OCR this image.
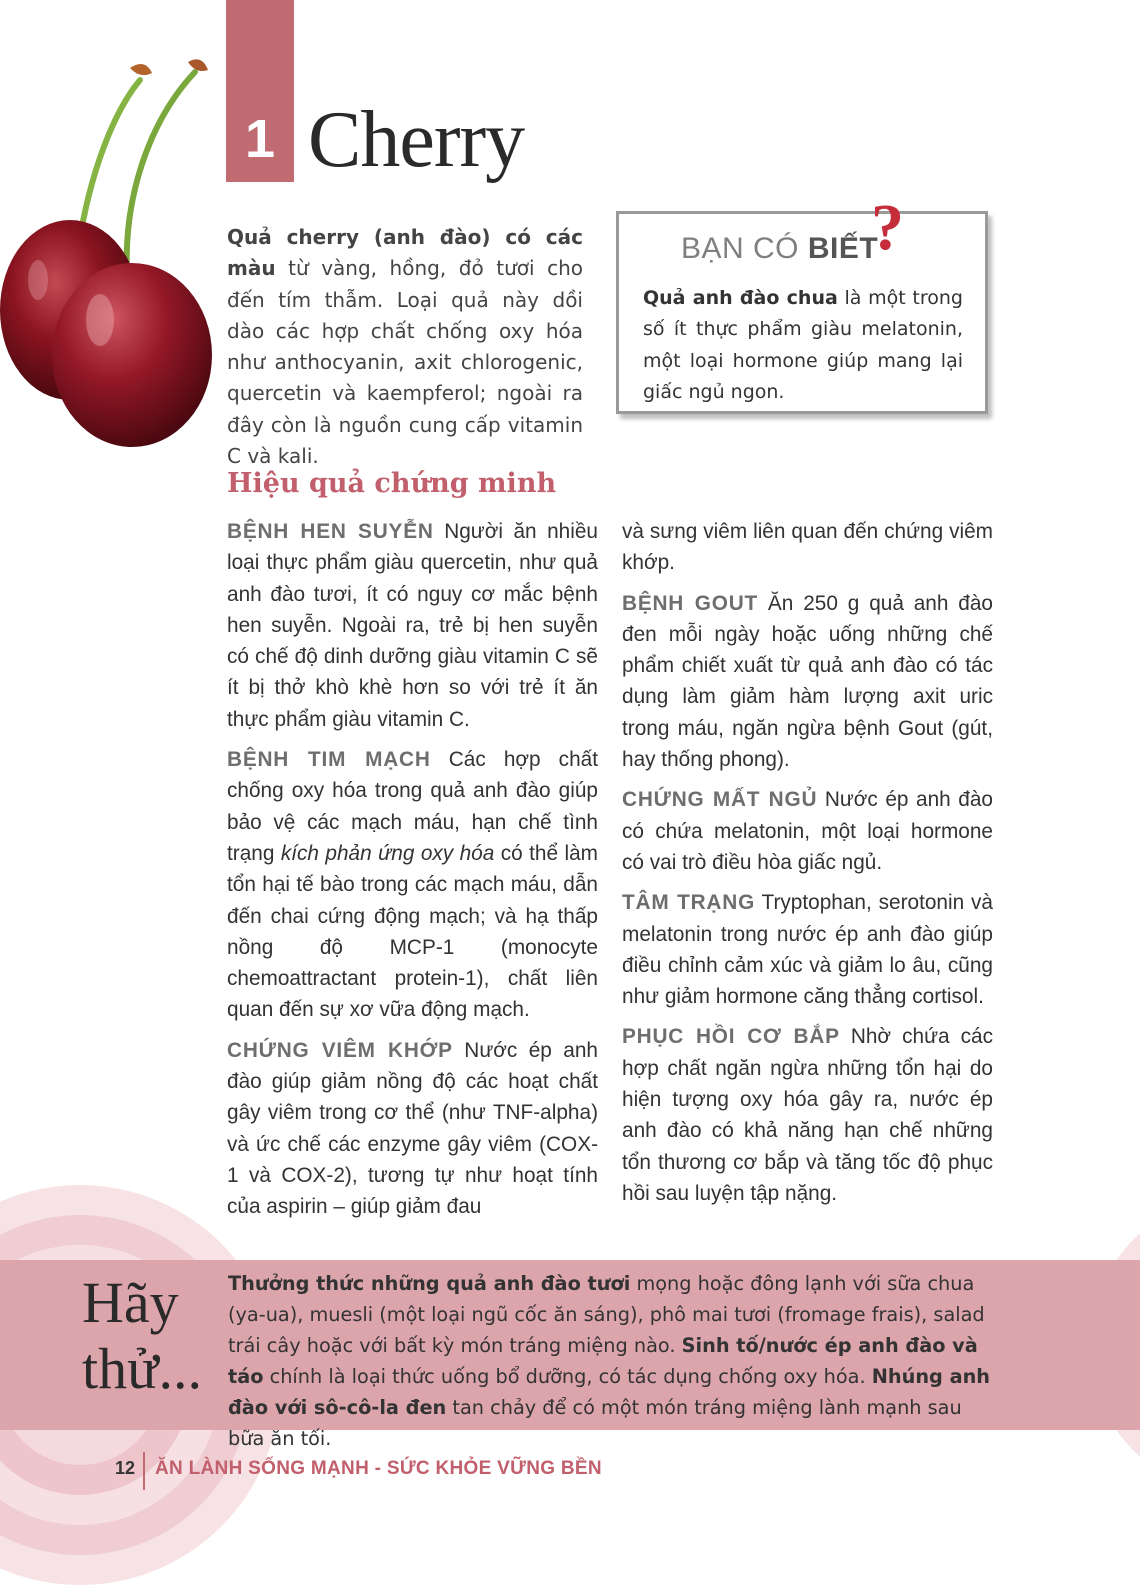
1 Cherry
Quả cherry (anh đào) có các màu từ vàng, hồng, đỏ tươi cho đến tím thẫm. Loại quả này dồi dào các hợp chất chống oxy hóa như anthocyanin, axit chlorogenic, quercetin và kaempferol; ngoài ra đây còn là nguồn cung cấp vitamin C và kali.
BẠN CÓ BIẾT
?
Quả anh đào chua là một trong số ít thực phẩm giàu melatonin, một loại hormone giúp mang lại giấc ngủ ngon.
Hiệu quả chứng minh

BỆNH HEN SUYỄN Người ăn nhiều loại thực phẩm giàu quercetin, như quả anh đào tươi, ít có nguy cơ mắc bệnh hen suyễn. Ngoài ra, trẻ bị hen suyễn có chế độ dinh dưỡng giàu vitamin C sẽ ít bị thở khò khè hơn so với trẻ ít ăn thực phẩm giàu vitamin C.

BỆNH TIM MẠCH Các hợp chất chống oxy hóa trong quả anh đào giúp bảo vệ các mạch máu, hạn chế tình trạng kích phản ứng oxy hóa có thể làm tổn hại tế bào trong các mạch máu, dẫn đến chai cứng động mạch; và hạ thấp nồng độ MCP-1 (monocyte chemoattractant protein-1), chất liên quan đến sự xơ vữa động mạch.

CHỨNG VIÊM KHỚP Nước ép anh đào giúp giảm nồng độ các hoạt chất gây viêm trong cơ thể (như TNF-alpha) và ức chế các enzyme gây viêm (COX-1 và COX-2), tương tự như hoạt tính của aspirin – giúp giảm đau

và sưng viêm liên quan đến chứng viêm khớp.

BỆNH GOUT Ăn 250 g quả anh đào đen mỗi ngày hoặc uống những chế phẩm chiết xuất từ quả anh đào có tác dụng làm giảm hàm lượng axit uric trong máu, ngăn ngừa bệnh Gout (gút, hay thống phong).

CHỨNG MẤT NGỦ Nước ép anh đào có chứa melatonin, một loại hormone có vai trò điều hòa giấc ngủ.

TÂM TRẠNG Tryptophan, serotonin và melatonin trong nước ép anh đào giúp điều chỉnh cảm xúc và giảm lo âu, cũng như giảm hormone căng thẳng cortisol.

PHỤC HỒI CƠ BẮP Nhờ chứa các hợp chất ngăn ngừa những tổn hại do hiện tượng oxy hóa gây ra, nước ép anh đào có khả năng hạn chế những tổn thương cơ bắp và tăng tốc độ phục hồi sau luyện tập nặng.

Hãy
thử...
Thưởng thức những quả anh đào tươi mọng hoặc đông lạnh với sữa chua (ya-ua), muesli (một loại ngũ cốc ăn sáng), phô mai tươi (fromage frais), salad trái cây hoặc với bất kỳ món tráng miệng nào. Sinh tố/nước ép anh đào và táo chính là loại thức uống bổ dưỡng, có tác dụng chống oxy hóa. Nhúng anh đào với sô-cô-la đen tan chảy để có một món tráng miệng lành mạnh sau bữa ăn tối.
12 ĂN LÀNH SỐNG MẠNH - SỨC KHỎE VỮNG BỀN
